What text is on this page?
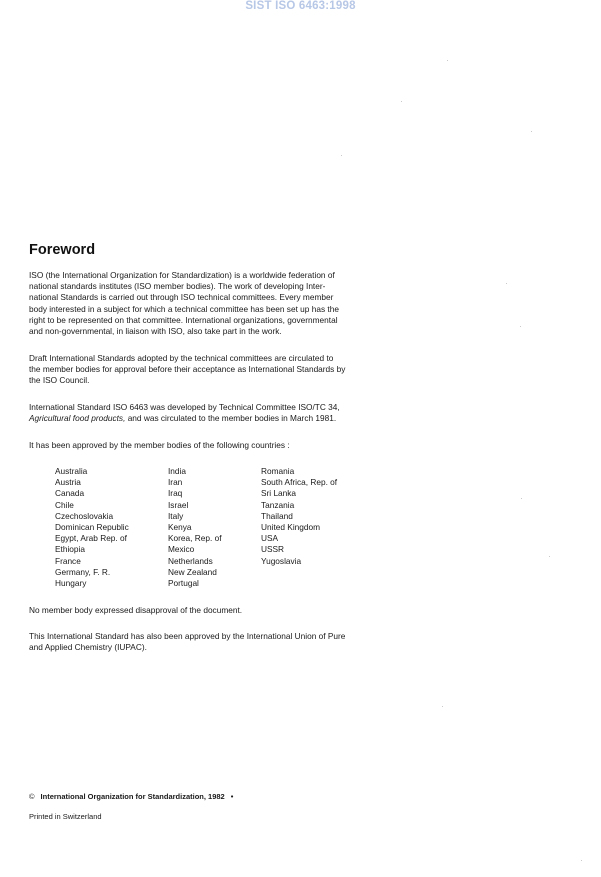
SIST ISO 6463:1998
Foreword
ISO (the International Organization for Standardization) is a worldwide federation of
national standards institutes (ISO member bodies). The work of developing Inter-
national Standards is carried out through ISO technical committees. Every member
body interested in a subject for which a technical committee has been set up has the
right to be represented on that committee. International organizations, governmental
and non-governmental, in liaison with ISO, also take part in the work.
Draft International Standards adopted by the technical committees are circulated to
the member bodies for approval before their acceptance as International Standards by
the ISO Council.
International Standard ISO 6463 was developed by Technical Committee ISO/TC 34,
Agricultural food products, and was circulated to the member bodies in March 1981.
It has been approved by the member bodies of the following countries :
Australia
Austria
Canada
Chile
Czechoslovakia
Dominican Republic
Egypt, Arab Rep. of
Ethiopia
France
Germany, F. R.
Hungary
India
Iran
Iraq
Israel
Italy
Kenya
Korea, Rep. of
Mexico
Netherlands
New Zealand
Portugal
Romania
South Africa, Rep. of
Sri Lanka
Tanzania
Thailand
United Kingdom
USA
USSR
Yugoslavia
No member body expressed disapproval of the document.
This International Standard has also been approved by the International Union of Pure
and Applied Chemistry (IUPAC).
© International Organization for Standardization, 1982 •
Printed in Switzerland
